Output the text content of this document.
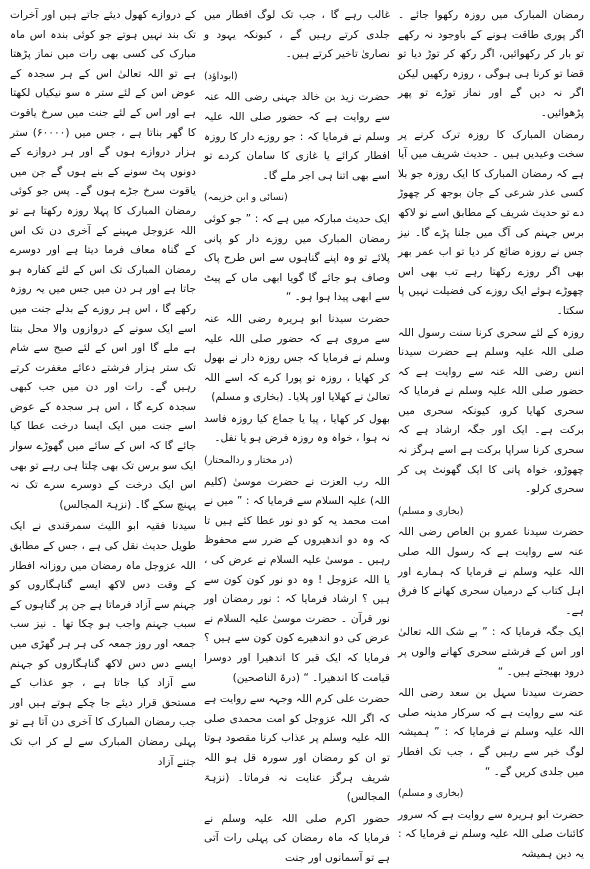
رمضان المبارک میں روزہ رکھوا جائے ۔ اگر پوری طاقت ہونے کے باوجود نہ رکھے تو بار کر رکھوائیں، اگر رکھ کر توڑ دیا تو قضا تو کرنا ہی ہوگی ، روزہ رکھیں لیکن اگر نہ دیں گے اور نماز توڑے تو پھر پڑھوائیں۔

رمضان المبارک کا روزہ ترک کرنے پر سخت وعیدیں ہیں ۔ حدیث شریف میں آیا ہے کہ رمضان المبارک کا ایک روزہ جو بلا کسی عذر شرعی کے جان بوجھ کر چھوڑ دے تو حدیث شریف کے مطابق اسے نو لاکھ برس جہنم کی آگ میں جلنا پڑے گا۔ نیز جس نے روزہ ضائع کر دیا تو اب عمر بھر بھی اگر روزے رکھتا رہے تب بھی اس چھوڑے ہوئے ایک روزے کی فضیلت نہیں پا سکتا۔

روزہ کے لئے سحری کرنا سنت رسول اللہ صلی اللہ علیہ وسلم ہے حضرت سیدنا انس رضی اللہ عنہ سے روایت ہے کہ حضور صلی اللہ علیہ وسلم نے فرمایا کہ سحری کھایا کرو، کیونکہ سحری میں برکت ہے۔ ایک اور جگہ ارشاد ہے کہ سحری کرنا سراپا برکت ہے اسے ہرگز نہ چھوڑو، خواہ پانی کا ایک گھونٹ پی کر سحری کرلو۔

(بخاری و مسلم)

حضرت سیدنا عمرو بن العاص رضی اللہ عنہ سے روایت ہے کہ رسول اللہ صلی اللہ علیہ وسلم نے فرمایا کہ ہمارے اور اہل کتاب کے درمیان سحری کھانے کا فرق ہے۔

ایک جگہ فرمایا کہ : ” بے شک اللہ تعالیٰ اور اس کے فرشتے سحری کھانے والوں پر درود بھیجتے ہیں۔ “

حضرت سیدنا سہل بن سعد رضی اللہ عنہ سے روایت ہے کہ سرکار مدینہ صلی اللہ علیہ وسلم نے فرمایا کہ : ” ہمیشہ لوگ خیر سے رہیں گے ، جب تک افطار میں جلدی کریں گے۔ “

(بخاری و مسلم)

حضرت ابو ہریرہ سے روایت ہے کہ سرور کائنات صلی اللہ علیہ وسلم نے فرمایا کہ : یہ دین ہمیشہ

غالب رہے گا ، جب تک لوگ افطار میں جلدی کرتے رہیں گے ، کیونکہ یہود و نصاریٰ تاخیر کرتے ہیں۔

(ابوداؤد)

حضرت زید بن خالد جہنی رضی اللہ عنہ سے روایت ہے کہ حضور صلی اللہ علیہ وسلم نے فرمایا کہ : جو روزے دار کا روزہ افطار کرائے یا غازی کا سامان کردے تو اسے بھی اتنا ہی اجر ملے گا۔

(نسائی و ابن خزیمہ)

ایک حدیث مبارکہ میں ہے کہ : ” جو کوئی رمضان المبارک میں روزے دار کو پانی پلائے تو وہ اپنے گناہوں سے اس طرح پاک وصاف ہو جائے گا گویا ابھی ماں کے پیٹ سے ابھی پیدا ہوا ہو۔ “

حضرت سیدنا ابو ہریرہ رضی اللہ عنہ سے مروی ہے کہ حضور صلی اللہ علیہ وسلم نے فرمایا کہ جس روزہ دار نے بھول کر کھایا ، روزہ تو پورا کرے کہ اسے اللہ تعالیٰ نے کھلایا اور پلایا۔ (بخاری و مسلم)

بھول کر کھایا ، پیا یا جماع کیا روزہ فاسد نہ ہوا ، خواہ وہ روزہ فرض ہو یا نفل۔

(در مختار و ردالمحتار)

اللہ رب العزت نے حضرت موسیٰ (کلیم اللہ) علیہ السلام سے فرمایا کہ : ” میں نے امت محمد یہ کو دو نور عطا کئے ہیں تا کہ وہ دو اندھیروں کے ضرر سے محفوظ رہیں ۔ موسیٰ علیہ السلام نے عرض کی ، یا اللہ عزوجل ! وہ دو نور کون کون سے ہیں ؟ ارشاد فرمایا کہ : نور رمضان اور نور قرآن ۔ حضرت موسیٰ علیہ السلام نے عرض کی دو اندھیرے کون کون سے ہیں ؟ فرمایا کہ ایک قبر کا اندھیرا اور دوسرا قیامت کا اندھیرا۔ “ (درۃ الناصحین)

حضرت علی کرم اللہ وجہہ سے روایت ہے کہ اگر اللہ عزوجل کو امت محمدی صلی اللہ علیہ وسلم پر عذاب کرنا مقصود ہوتا تو ان کو رمضان اور سورہ قل ہو اللہ شریف ہرگز عنایت نہ فرماتا۔ (نزہۃ المجالس)

حضور اکرم صلی اللہ علیہ وسلم نے فرمایا کہ ماہ رمضان کی پہلی رات آتی ہے تو آسمانوں اور جنت

کے دروازے کھول دیئے جاتے ہیں اور آخرات تک بند نہیں ہوتے جو کوئی بندہ اس ماہ مبارک کی کسی بھی رات میں نماز پڑھتا ہے تو اللہ تعالیٰ اس کے ہر سجدہ کے عوض اس کے لئے ستر ہ سو نیکیاں لکھتا ہے اور اس کے لئے جنت میں سرخ یاقوت کا گھر بناتا ہے ، جس میں (۶۰۰۰۰) ستر ہزار دروازے ہوں گے اور ہر دروازے کے دونوں پٹ سونے کے بنے ہوں گے جن میں یاقوت سرخ جڑے ہوں گے۔ پس جو کوئی رمضان المبارک کا پہلا روزہ رکھتا ہے تو اللہ عزوجل مہینے کے آخری دن تک اس کے گناہ معاف فرما دیتا ہے اور دوسرے رمضان المبارک تک اس کے لئے کفارہ ہو جاتا ہے اور ہر دن میں جس میں یہ روزہ رکھے گا ، اس ہر روزے کے بدلے جنت میں اسے ایک سونے کے دروازوں والا محل بنتا ہے ملے گا اور اس کے لئے صبح سے شام تک ستر ہزار فرشتے دعائے مغفرت کرتے رہیں گے۔ رات اور دن میں جب کبھی سجدہ کرے گا ، اس ہر سجدہ کے عوض اسے جنت میں ایک ایسا درخت عطا کیا جائے گا کہ اس کے سائے میں گھوڑے سوار ایک سو برس تک بھی چلتا ہی رہے تو بھی اس ایک درخت کے دوسرے سرے تک نہ پہنچ سکے گا۔ (نزہۃ المجالس)

سیدنا فقیہ ابو اللیث سمرقندی نے ایک طویل حدیث نقل کی ہے ، جس کے مطابق اللہ عزوجل ماہ رمضان میں روزانہ افطار کے وقت دس لاکھ ایسے گناہگاروں کو جہنم سے آزاد فرماتا ہے جن پر گناہوں کے سبب جہنم واجب ہو چکا تھا ۔ نیز سب جمعہ اور روز جمعہ کی ہر ہر گھڑی میں ایسے دس دس لاکھ گناہگاروں کو جہنم سے آزاد کیا جاتا ہے ، جو عذاب کے مستحق قرار دیئے جا چکے ہوتے ہیں اور جب رمضان المبارک کا آخری دن آتا ہے تو پہلی رمضان المبارک سے لے کر اب تک جتنے آزاد
